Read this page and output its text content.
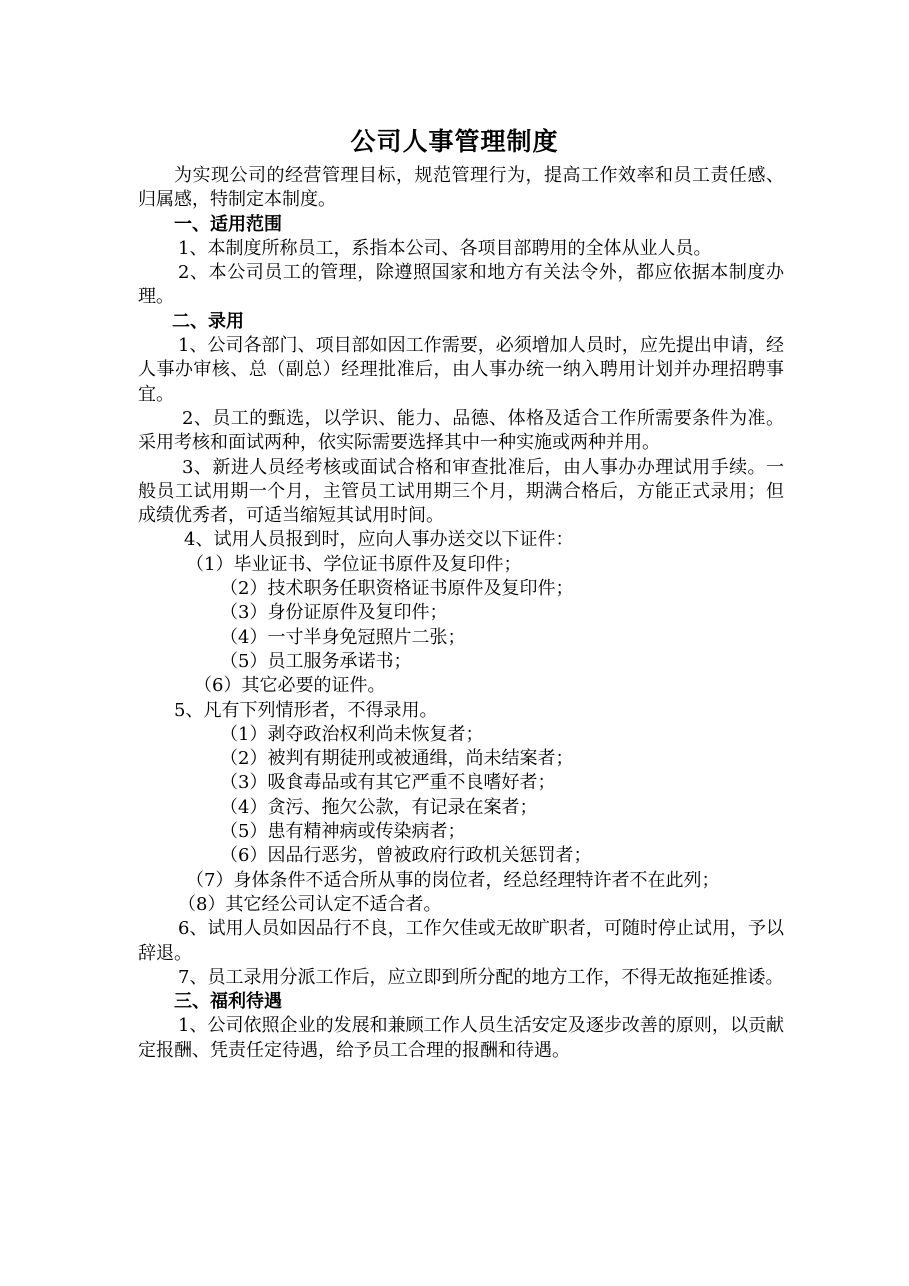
公司人事管理制度

为实现公司的经营管理目标，规范管理行为，提高工作效率和员工责任感、归属感，特制定本制度。

一、适用范围

1、本制度所称员工，系指本公司、各项目部聘用的全体从业人员。

2、本公司员工的管理，除遵照国家和地方有关法令外，都应依据本制度办理。

二、录用

1、公司各部门、项目部如因工作需要，必须增加人员时，应先提出申请，经人事办审核、总（副总）经理批准后，由人事办统一纳入聘用计划并办理招聘事宜。

2、员工的甄选，以学识、能力、品德、体格及适合工作所需要条件为准。采用考核和面试两种，依实际需要选择其中一种实施或两种并用。

3、新进人员经考核或面试合格和审查批准后，由人事办办理试用手续。一般员工试用期一个月，主管员工试用期三个月，期满合格后，方能正式录用；但成绩优秀者，可适当缩短其试用时间。

4、试用人员报到时，应向人事办送交以下证件：

（1）毕业证书、学位证书原件及复印件；

（2）技术职务任职资格证书原件及复印件；

（3）身份证原件及复印件；

（4）一寸半身免冠照片二张；

（5）员工服务承诺书；

（6）其它必要的证件。

5、凡有下列情形者，不得录用。

（1）剥夺政治权利尚未恢复者；

（2）被判有期徒刑或被通缉，尚未结案者；

（3）吸食毒品或有其它严重不良嗜好者；

（4）贪污、拖欠公款，有记录在案者；

（5）患有精神病或传染病者；

（6）因品行恶劣，曾被政府行政机关惩罚者；

（7）身体条件不适合所从事的岗位者，经总经理特许者不在此列；

（8）其它经公司认定不适合者。

6、试用人员如因品行不良，工作欠佳或无故旷职者，可随时停止试用，予以辞退。

7、员工录用分派工作后，应立即到所分配的地方工作，不得无故拖延推诿。

三、福利待遇

1、公司依照企业的发展和兼顾工作人员生活安定及逐步改善的原则，以贡献定报酬、凭责任定待遇，给予员工合理的报酬和待遇。
